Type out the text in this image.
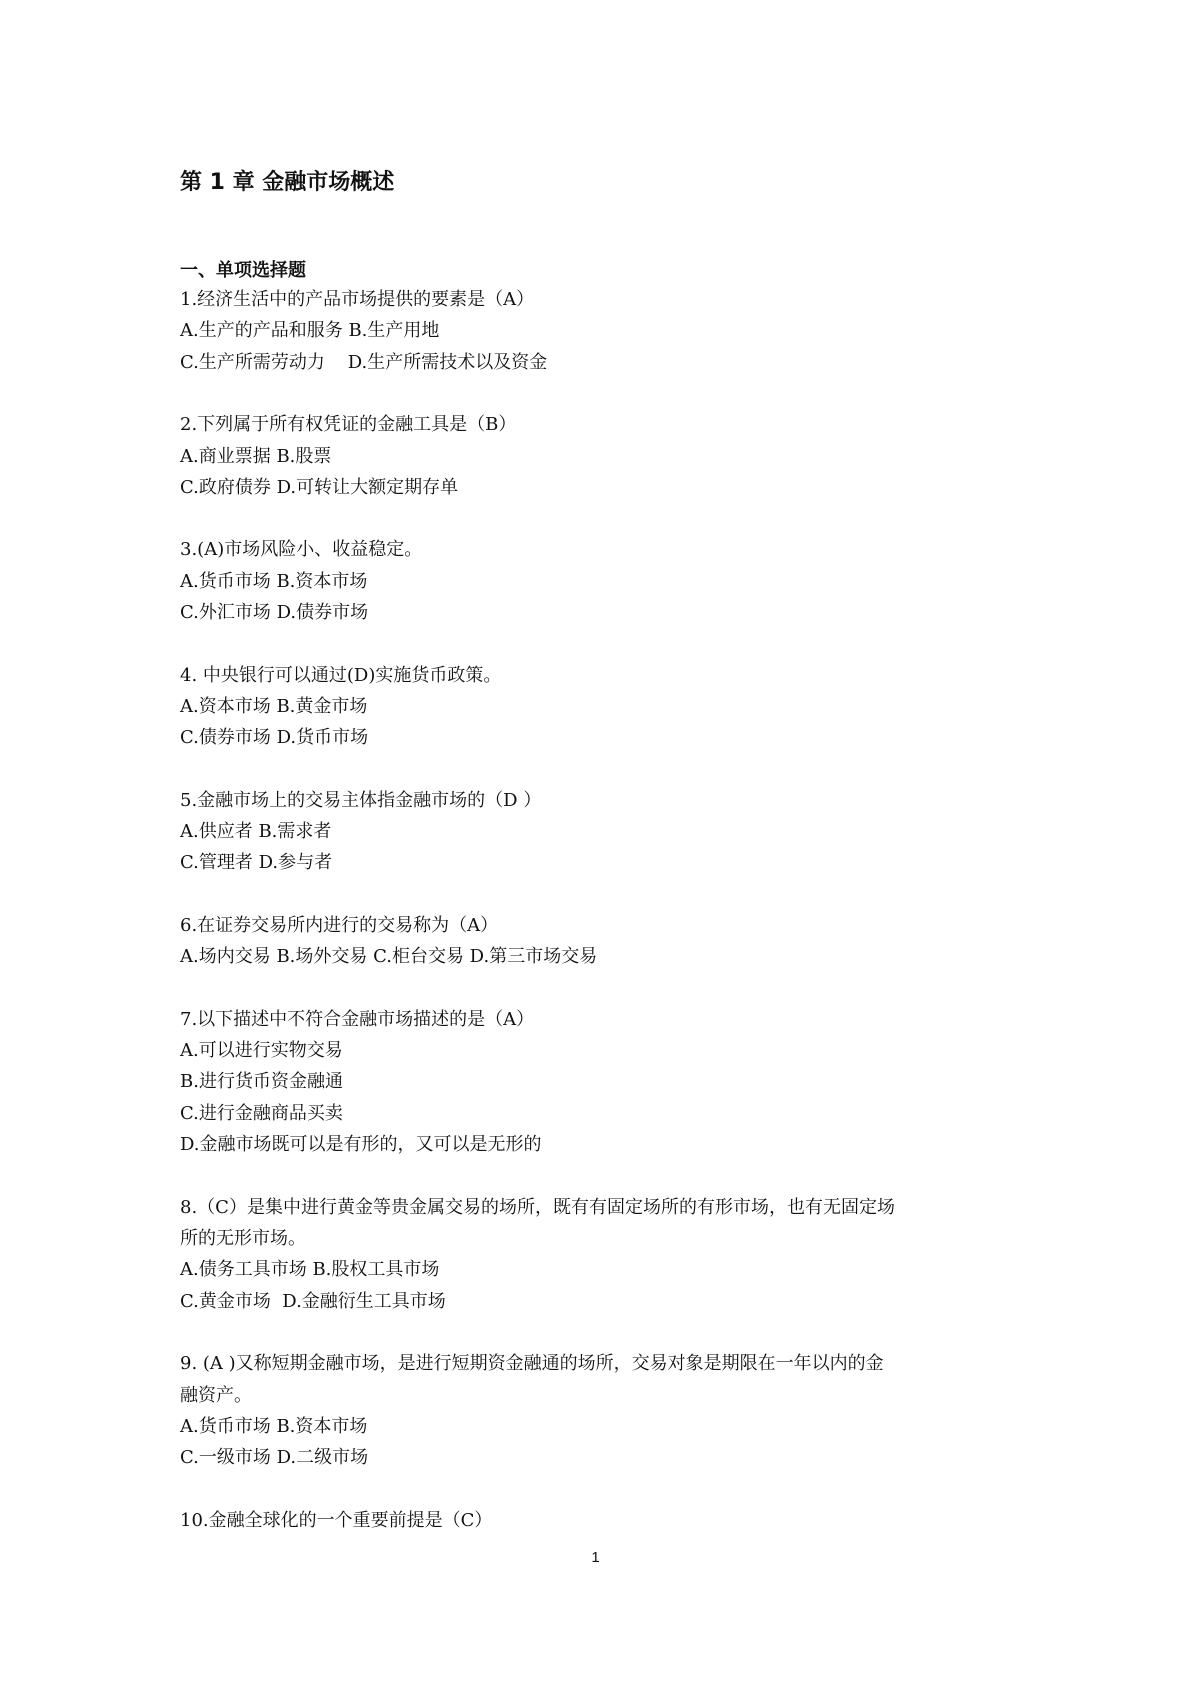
第 1 章 金融市场概述
一、单项选择题
1.经济生活中的产品市场提供的要素是（A）
A.生产的产品和服务 B.生产用地
C.生产所需劳动力    D.生产所需技术以及资金
2.下列属于所有权凭证的金融工具是（B）
A.商业票据 B.股票
C.政府债券 D.可转让大额定期存单
3.(A)市场风险小、收益稳定。
A.货币市场 B.资本市场
C.外汇市场 D.债券市场
4. 中央银行可以通过(D)实施货币政策。
A.资本市场 B.黄金市场
C.债券市场 D.货币市场
5.金融市场上的交易主体指金融市场的（D ）
A.供应者 B.需求者
C.管理者 D.参与者
6.在证券交易所内进行的交易称为（A）
A.场内交易 B.场外交易 C.柜台交易 D.第三市场交易
7.以下描述中不符合金融市场描述的是（A）
A.可以进行实物交易
B.进行货币资金融通
C.进行金融商品买卖
D.金融市场既可以是有形的，又可以是无形的
8.（C）是集中进行黄金等贵金属交易的场所，既有有固定场所的有形市场，也有无固定场
所的无形市场。
A.债务工具市场 B.股权工具市场
C.黄金市场  D.金融衍生工具市场
9. (A )又称短期金融市场，是进行短期资金融通的场所，交易对象是期限在一年以内的金
融资产。
A.货币市场 B.资本市场
C.一级市场 D.二级市场
10.金融全球化的一个重要前提是（C）
1
